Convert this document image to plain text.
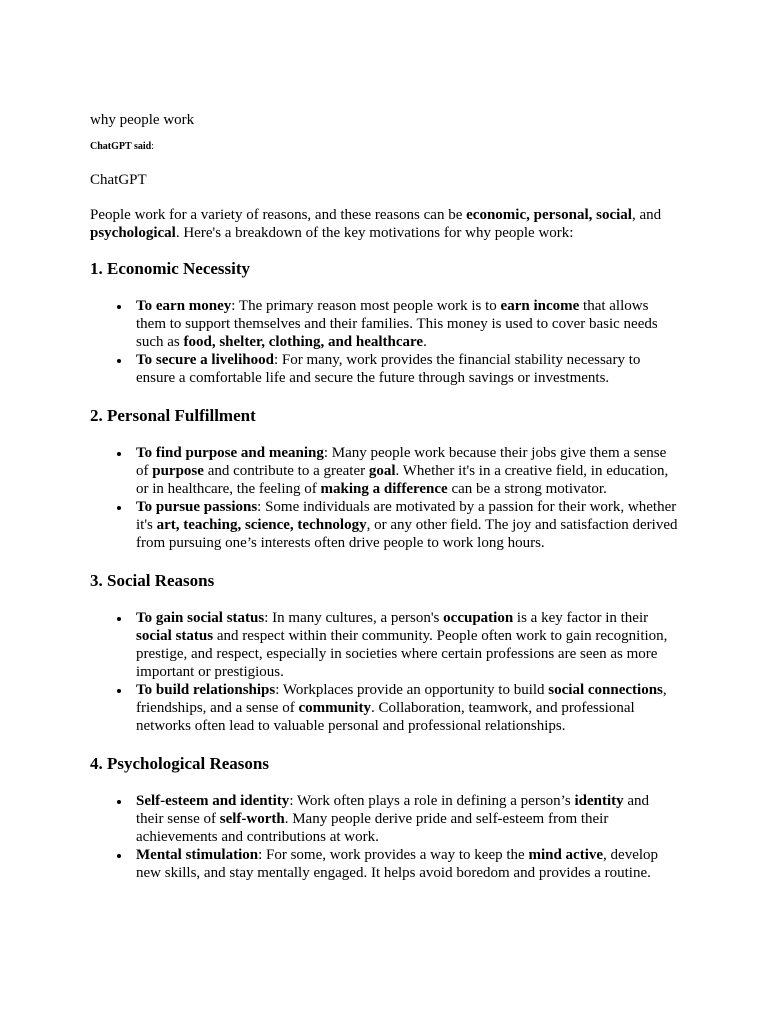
why people work

ChatGPT said:

ChatGPT

People work for a variety of reasons, and these reasons can be economic, personal, social, and psychological. Here's a breakdown of the key motivations for why people work:

1. Economic Necessity
To earn money: The primary reason most people work is to earn income that allows them to support themselves and their families. This money is used to cover basic needs such as food, shelter, clothing, and healthcare.
To secure a livelihood: For many, work provides the financial stability necessary to ensure a comfortable life and secure the future through savings or investments.
2. Personal Fulfillment
To find purpose and meaning: Many people work because their jobs give them a sense of purpose and contribute to a greater goal. Whether it's in a creative field, in education, or in healthcare, the feeling of making a difference can be a strong motivator.
To pursue passions: Some individuals are motivated by a passion for their work, whether it's art, teaching, science, technology, or any other field. The joy and satisfaction derived from pursuing one’s interests often drive people to work long hours.
3. Social Reasons
To gain social status: In many cultures, a person's occupation is a key factor in their social status and respect within their community. People often work to gain recognition, prestige, and respect, especially in societies where certain professions are seen as more important or prestigious.
To build relationships: Workplaces provide an opportunity to build social connections, friendships, and a sense of community. Collaboration, teamwork, and professional networks often lead to valuable personal and professional relationships.
4. Psychological Reasons
Self-esteem and identity: Work often plays a role in defining a person’s identity and their sense of self-worth. Many people derive pride and self-esteem from their achievements and contributions at work.
Mental stimulation: For some, work provides a way to keep the mind active, develop new skills, and stay mentally engaged. It helps avoid boredom and provides a routine.
